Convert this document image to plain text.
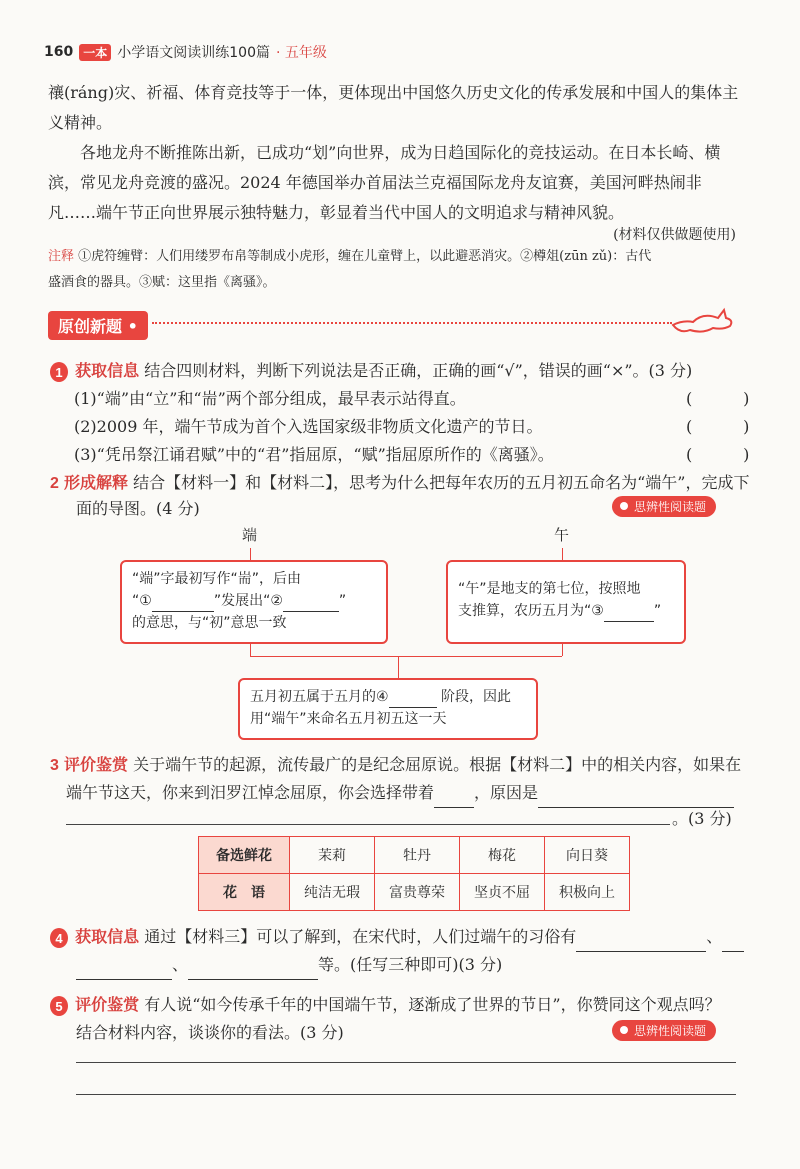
160 一本 小学语文阅读训练100篇 · 五年级
禳(ráng)灾、祈福、体育竞技等于一体，更体现出中国悠久历史文化的传承发展和中国人的集体主
义精神。
各地龙舟不断推陈出新，已成功“划”向世界，成为日趋国际化的竞技运动。在日本长崎、横
滨，常见龙舟竞渡的盛况。2024 年德国举办首届法兰克福国际龙舟友谊赛，美国河畔热闹非
凡……端午节正向世界展示独特魅力，彰显着当代中国人的文明追求与精神风貌。
(材料仅供做题使用)
注释 ①虎符缠臂：人们用缕罗布帛等制成小虎形，缠在儿童臂上，以此避恶消灾。②樽俎(zūn zǔ)：古代
盛酒食的器具。③赋：这里指《离骚》。
原创新题 •
1 获取信息 结合四则材料，判断下列说法是否正确，正确的画“√”，错误的画“×”。(3 分)
(1)“端”由“立”和“耑”两个部分组成，最早表示站得直。	(          )
(2)2009 年，端午节成为首个入选国家级非物质文化遗产的节日。	(          )
(3)“凭吊祭江诵君赋”中的“君”指屈原，“赋”指屈原所作的《离骚》。	(          )
2 形成解释 结合【材料一】和【材料二】，思考为什么把每年农历的五月初五命名为“端午”，完成下
面的导图。(4 分)	思辨性阅读题
端	午
“端”字最初写作“耑”，后由
“①	”发展出“②	”
的意思，与“初”意思一致
“午”是地支的第七位，按照地
支推算，农历五月为“③	”
五月初五属于五月的④	阶段，因此
用“端午”来命名五月初五这一天
3 评价鉴赏 关于端午节的起源，流传最广的是纪念屈原说。根据【材料二】中的相关内容，如果在
端午节这天，你来到汨罗江悼念屈原，你会选择带着	，原因是
。(3 分)
备选鲜花	茉莉	牡丹	梅花	向日葵
花　语	纯洁无瑕	富贵尊荣	坚贞不屈	积极向上
4 获取信息 通过【材料三】可以了解到，在宋代时，人们过端午的习俗有	、
、	等。(任写三种即可)(3 分)
5 评价鉴赏 有人说“如今传承千年的中国端午节，逐渐成了世界的节日”，你赞同这个观点吗？
结合材料内容，谈谈你的看法。(3 分)	思辨性阅读题
